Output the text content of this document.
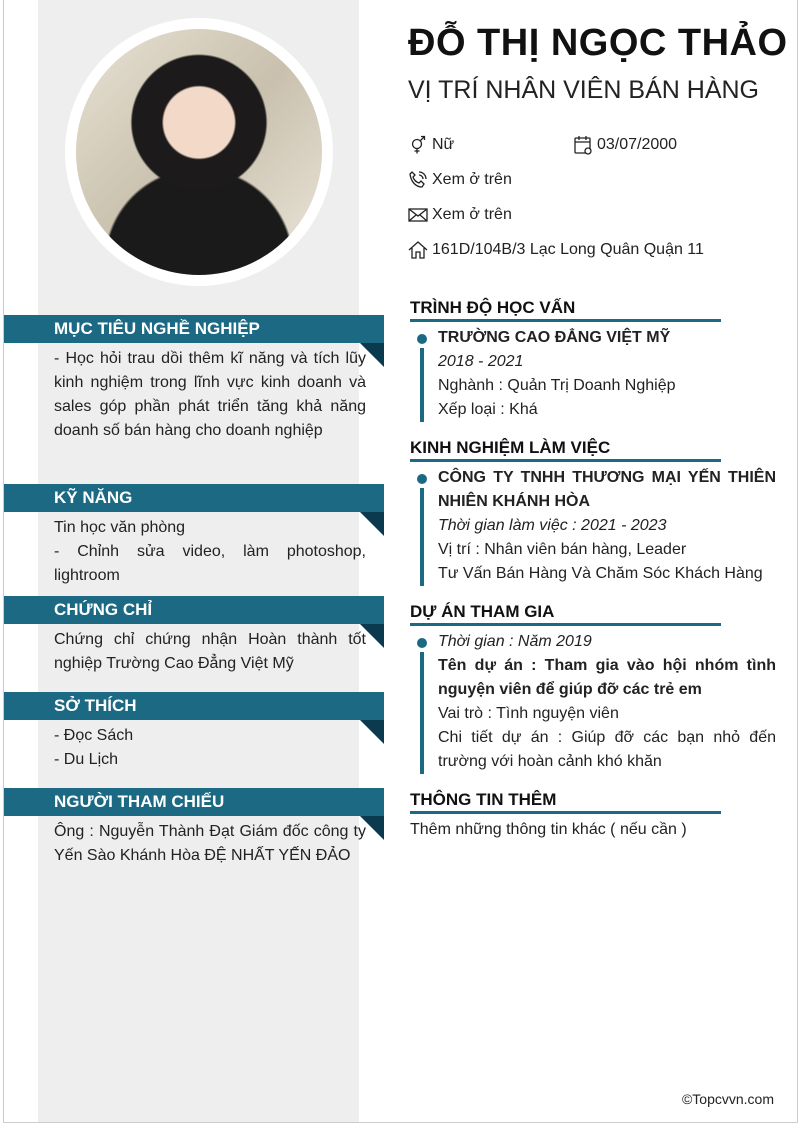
MỤC TIÊU NGHỀ NGHIỆP
- Học hỏi trau dồi thêm kĩ năng và tích lũy kinh nghiệm trong lĩnh vực kinh doanh và sales góp phần phát triển tăng khả năng doanh số bán hàng cho doanh nghiệp
KỸ NĂNG
Tin học văn phòng
- Chỉnh sửa video, làm photoshop, lightroom
CHỨNG CHỈ
Chứng chỉ chứng nhận Hoàn thành tốt nghiệp Trường Cao Đẳng Việt Mỹ
SỞ THÍCH
- Đọc Sách
- Du Lịch
NGƯỜI THAM CHIẾU
Ông : Nguyễn Thành Đạt Giám đốc công ty Yến Sào Khánh Hòa ĐỆ NHẤT YẾN ĐẢO
ĐỖ THỊ NGỌC THẢO
VỊ TRÍ NHÂN VIÊN BÁN HÀNG
Nữ	03/07/2000
Xem ở trên
Xem ở trên
161D/104B/3 Lạc Long Quân Quận 11
TRÌNH ĐỘ HỌC VẤN
TRƯỜNG CAO ĐẲNG VIỆT MỸ
2018 - 2021
Nghành : Quản Trị Doanh Nghiệp
Xếp loại : Khá
KINH NGHIỆM LÀM VIỆC
CÔNG TY TNHH THƯƠNG MẠI YẾN THIÊN NHIÊN KHÁNH HÒA
Thời gian làm việc : 2021 - 2023
Vị trí : Nhân viên bán hàng, Leader
Tư Vấn Bán Hàng Và Chăm Sóc Khách Hàng
DỰ ÁN THAM GIA
Thời gian : Năm 2019
Tên dự án : Tham gia vào hội nhóm tình nguyện viên để giúp đỡ các trẻ em
Vai trò : Tình nguyện viên
Chi tiết dự án : Giúp đỡ các bạn nhỏ đến trường với hoàn cảnh khó khăn
THÔNG TIN THÊM
Thêm những thông tin khác ( nếu cần )
©Topcvvn.com
